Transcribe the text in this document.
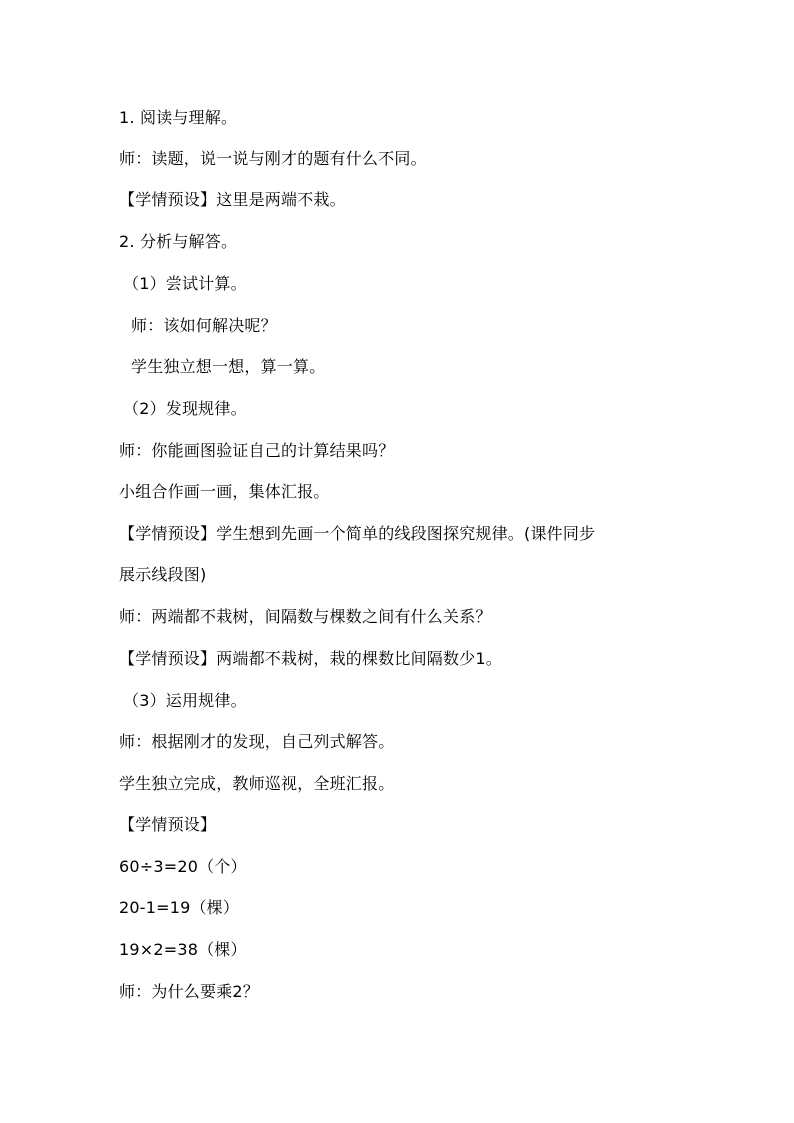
1. 阅读与理解。
师：读题，说一说与刚才的题有什么不同。
【学情预设】这里是两端不栽。
2. 分析与解答。
（1）尝试计算。
师：该如何解决呢？
学生独立想一想，算一算。
（2）发现规律。
师：你能画图验证自己的计算结果吗？
小组合作画一画，集体汇报。
【学情预设】学生想到先画一个简单的线段图探究规律。(课件同步
展示线段图)
师：两端都不栽树，间隔数与棵数之间有什么关系？
【学情预设】两端都不栽树，栽的棵数比间隔数少1。
（3）运用规律。
师：根据刚才的发现，自己列式解答。
学生独立完成，教师巡视，全班汇报。
【学情预设】
60÷3=20（个）
20-1=19（棵）
19×2=38（棵）
师：为什么要乘2？
